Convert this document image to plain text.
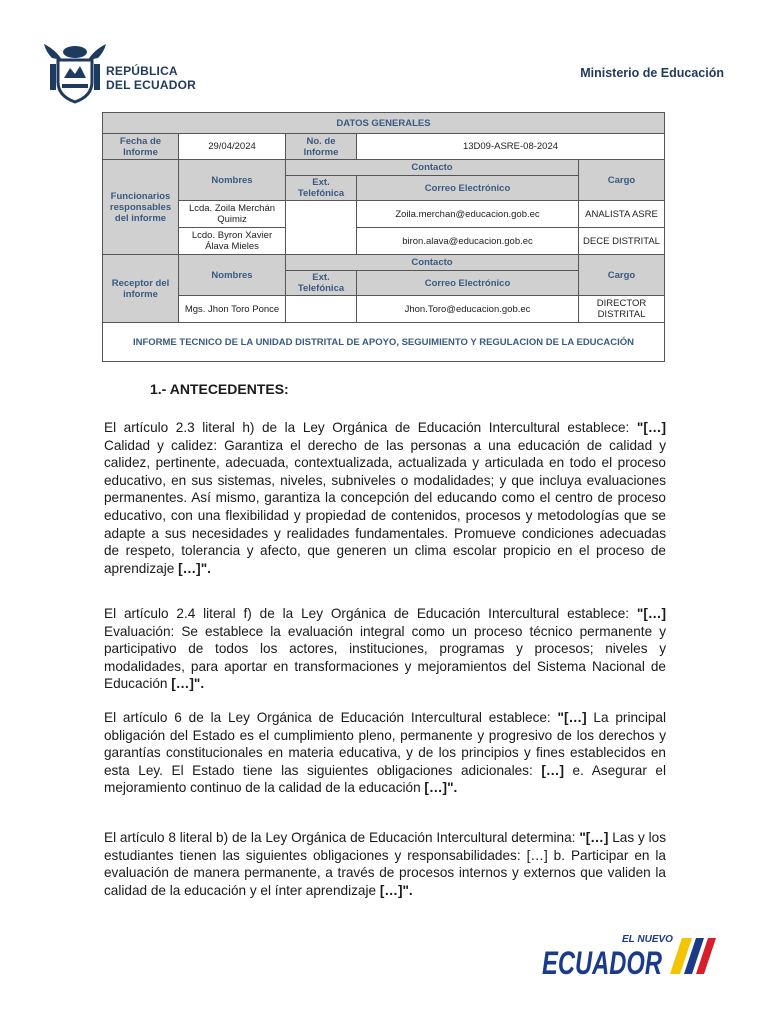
REPÚBLICA
DEL ECUADOR
Ministerio de Educación
DATOS GENERALES				
Fecha de Informe	29/04/2024	No. de Informe	13D09-ASRE-08-2024	
Funcionarios responsables del informe	Nombres	Contacto		Cargo
		Ext. Telefónica	Correo Electrónico	
	Lcda. Zoila Merchán Quimiz		Zoila.merchan@educacion.gob.ec	ANALISTA ASRE
	Lcdo. Byron Xavier Álava Mieles		biron.alava@educacion.gob.ec	DECE DISTRITAL
Receptor del informe	Nombres	Contacto		Cargo
		Ext. Telefónica	Correo Electrónico	
	Mgs. Jhon Toro Ponce		Jhon.Toro@educacion.gob.ec	DIRECTOR DISTRITAL
INFORME TECNICO DE LA UNIDAD DISTRITAL DE APOYO, SEGUIMIENTO Y REGULACION DE LA EDUCACIÓN				
1.- ANTECEDENTES:
El artículo 2.3 literal h) de la Ley Orgánica de Educación Intercultural establece: "[…] Calidad y calidez: Garantiza el derecho de las personas a una educación de calidad y calidez, pertinente, adecuada, contextualizada, actualizada y articulada en todo el proceso educativo, en sus sistemas, niveles, subniveles o modalidades; y que incluya evaluaciones permanentes. Así mismo, garantiza la concepción del educando como el centro de proceso educativo, con una flexibilidad y propiedad de contenidos, procesos y metodologías que se adapte a sus necesidades y realidades fundamentales. Promueve condiciones adecuadas de respeto, tolerancia y afecto, que generen un clima escolar propicio en el proceso de aprendizaje […]".
El artículo 2.4 literal f) de la Ley Orgánica de Educación Intercultural establece: "[…] Evaluación: Se establece la evaluación integral como un proceso técnico permanente y participativo de todos los actores, instituciones, programas y procesos; niveles y modalidades, para aportar en transformaciones y mejoramientos del Sistema Nacional de Educación […]".
El artículo 6 de la Ley Orgánica de Educación Intercultural establece: "[…] La principal obligación del Estado es el cumplimiento pleno, permanente y progresivo de los derechos y garantías constitucionales en materia educativa, y de los principios y fines establecidos en esta Ley. El Estado tiene las siguientes obligaciones adicionales: […] e. Asegurar el mejoramiento continuo de la calidad de la educación […]".
El artículo 8 literal b) de la Ley Orgánica de Educación Intercultural determina: "[…] Las y los estudiantes tienen las siguientes obligaciones y responsabilidades: […] b. Participar en la evaluación de manera permanente, a través de procesos internos y externos que validen la calidad de la educación y el ínter aprendizaje […]".
EL NUEVO
ECUADOR
